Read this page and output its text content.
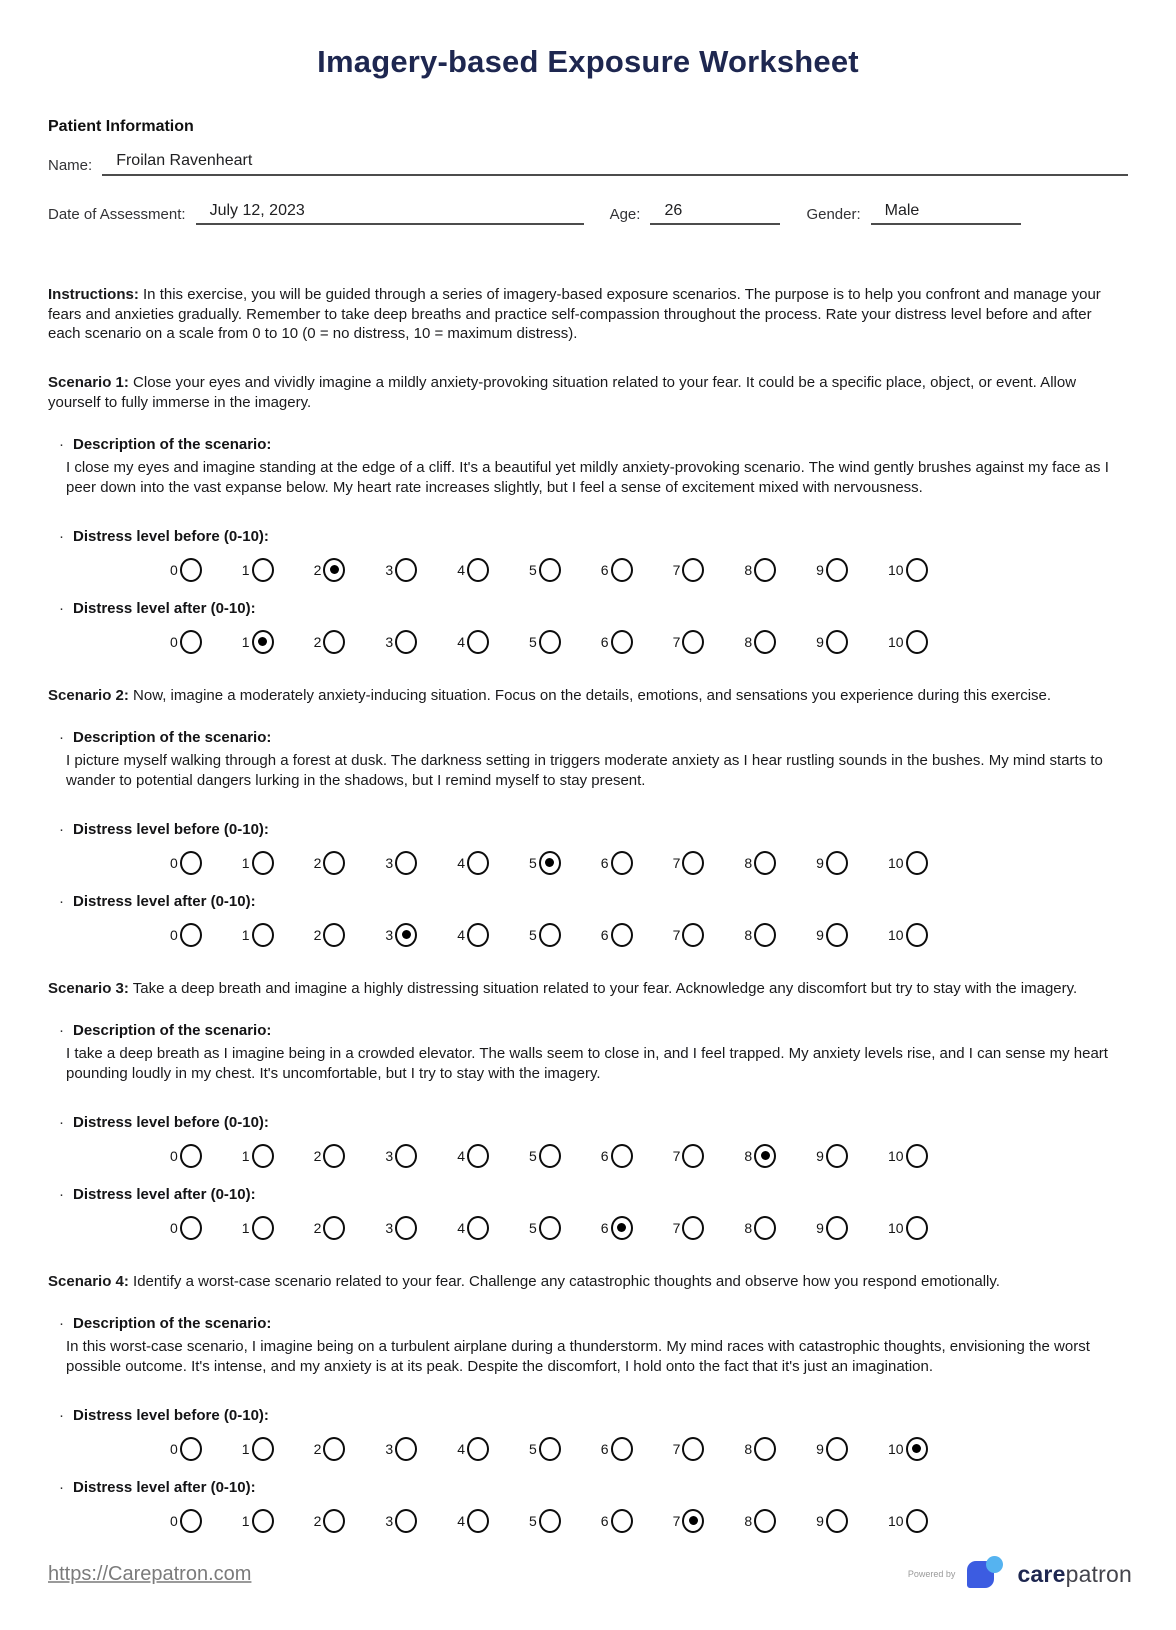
Imagery-based Exposure Worksheet
Patient Information
Name:	Froilan Ravenheart
Date of Assessment:	July 12, 2023	Age:	26	Gender:	Male

Instructions: In this exercise, you will be guided through a series of imagery-based exposure scenarios. The purpose is to help you confront and manage your fears and anxieties gradually. Remember to take deep breaths and practice self-compassion throughout the process. Rate your distress level before and after each scenario on a scale from 0 to 10 (0 = no distress, 10 = maximum distress).

Scenario 1: Close your eyes and vividly imagine a mildly anxiety-provoking situation related to your fear. It could be a specific place, object, or event. Allow yourself to fully immerse in the imagery.

· Description of the scenario:

I close my eyes and imagine standing at the edge of a cliff. It's a beautiful yet mildly anxiety-provoking scenario. The wind gently brushes against my face as I peer down into the vast expanse below. My heart rate increases slightly, but I feel a sense of excitement mixed with nervousness.

· Distress level before (0-10):
0	1	2	3	4	5	6	7	8	9	10
· Distress level after (0-10):
0	1	2	3	4	5	6	7	8	9	10

Scenario 2: Now, imagine a moderately anxiety-inducing situation. Focus on the details, emotions, and sensations you experience during this exercise.

· Description of the scenario:

I picture myself walking through a forest at dusk. The darkness setting in triggers moderate anxiety as I hear rustling sounds in the bushes. My mind starts to wander to potential dangers lurking in the shadows, but I remind myself to stay present.

· Distress level before (0-10):
0	1	2	3	4	5	6	7	8	9	10
· Distress level after (0-10):
0	1	2	3	4	5	6	7	8	9	10

Scenario 3: Take a deep breath and imagine a highly distressing situation related to your fear. Acknowledge any discomfort but try to stay with the imagery.

· Description of the scenario:

I take a deep breath as I imagine being in a crowded elevator. The walls seem to close in, and I feel trapped. My anxiety levels rise, and I can sense my heart pounding loudly in my chest. It's uncomfortable, but I try to stay with the imagery.

· Distress level before (0-10):
0	1	2	3	4	5	6	7	8	9	10
· Distress level after (0-10):
0	1	2	3	4	5	6	7	8	9	10

Scenario 4: Identify a worst-case scenario related to your fear. Challenge any catastrophic thoughts and observe how you respond emotionally.

· Description of the scenario:

In this worst-case scenario, I imagine being on a turbulent airplane during a thunderstorm. My mind races with catastrophic thoughts, envisioning the worst possible outcome. It's intense, and my anxiety is at its peak. Despite the discomfort, I hold onto the fact that it's just an imagination.

· Distress level before (0-10):
0	1	2	3	4	5	6	7	8	9	10
· Distress level after (0-10):
0	1	2	3	4	5	6	7	8	9	10
https://Carepatron.com	Powered by	carepatron
